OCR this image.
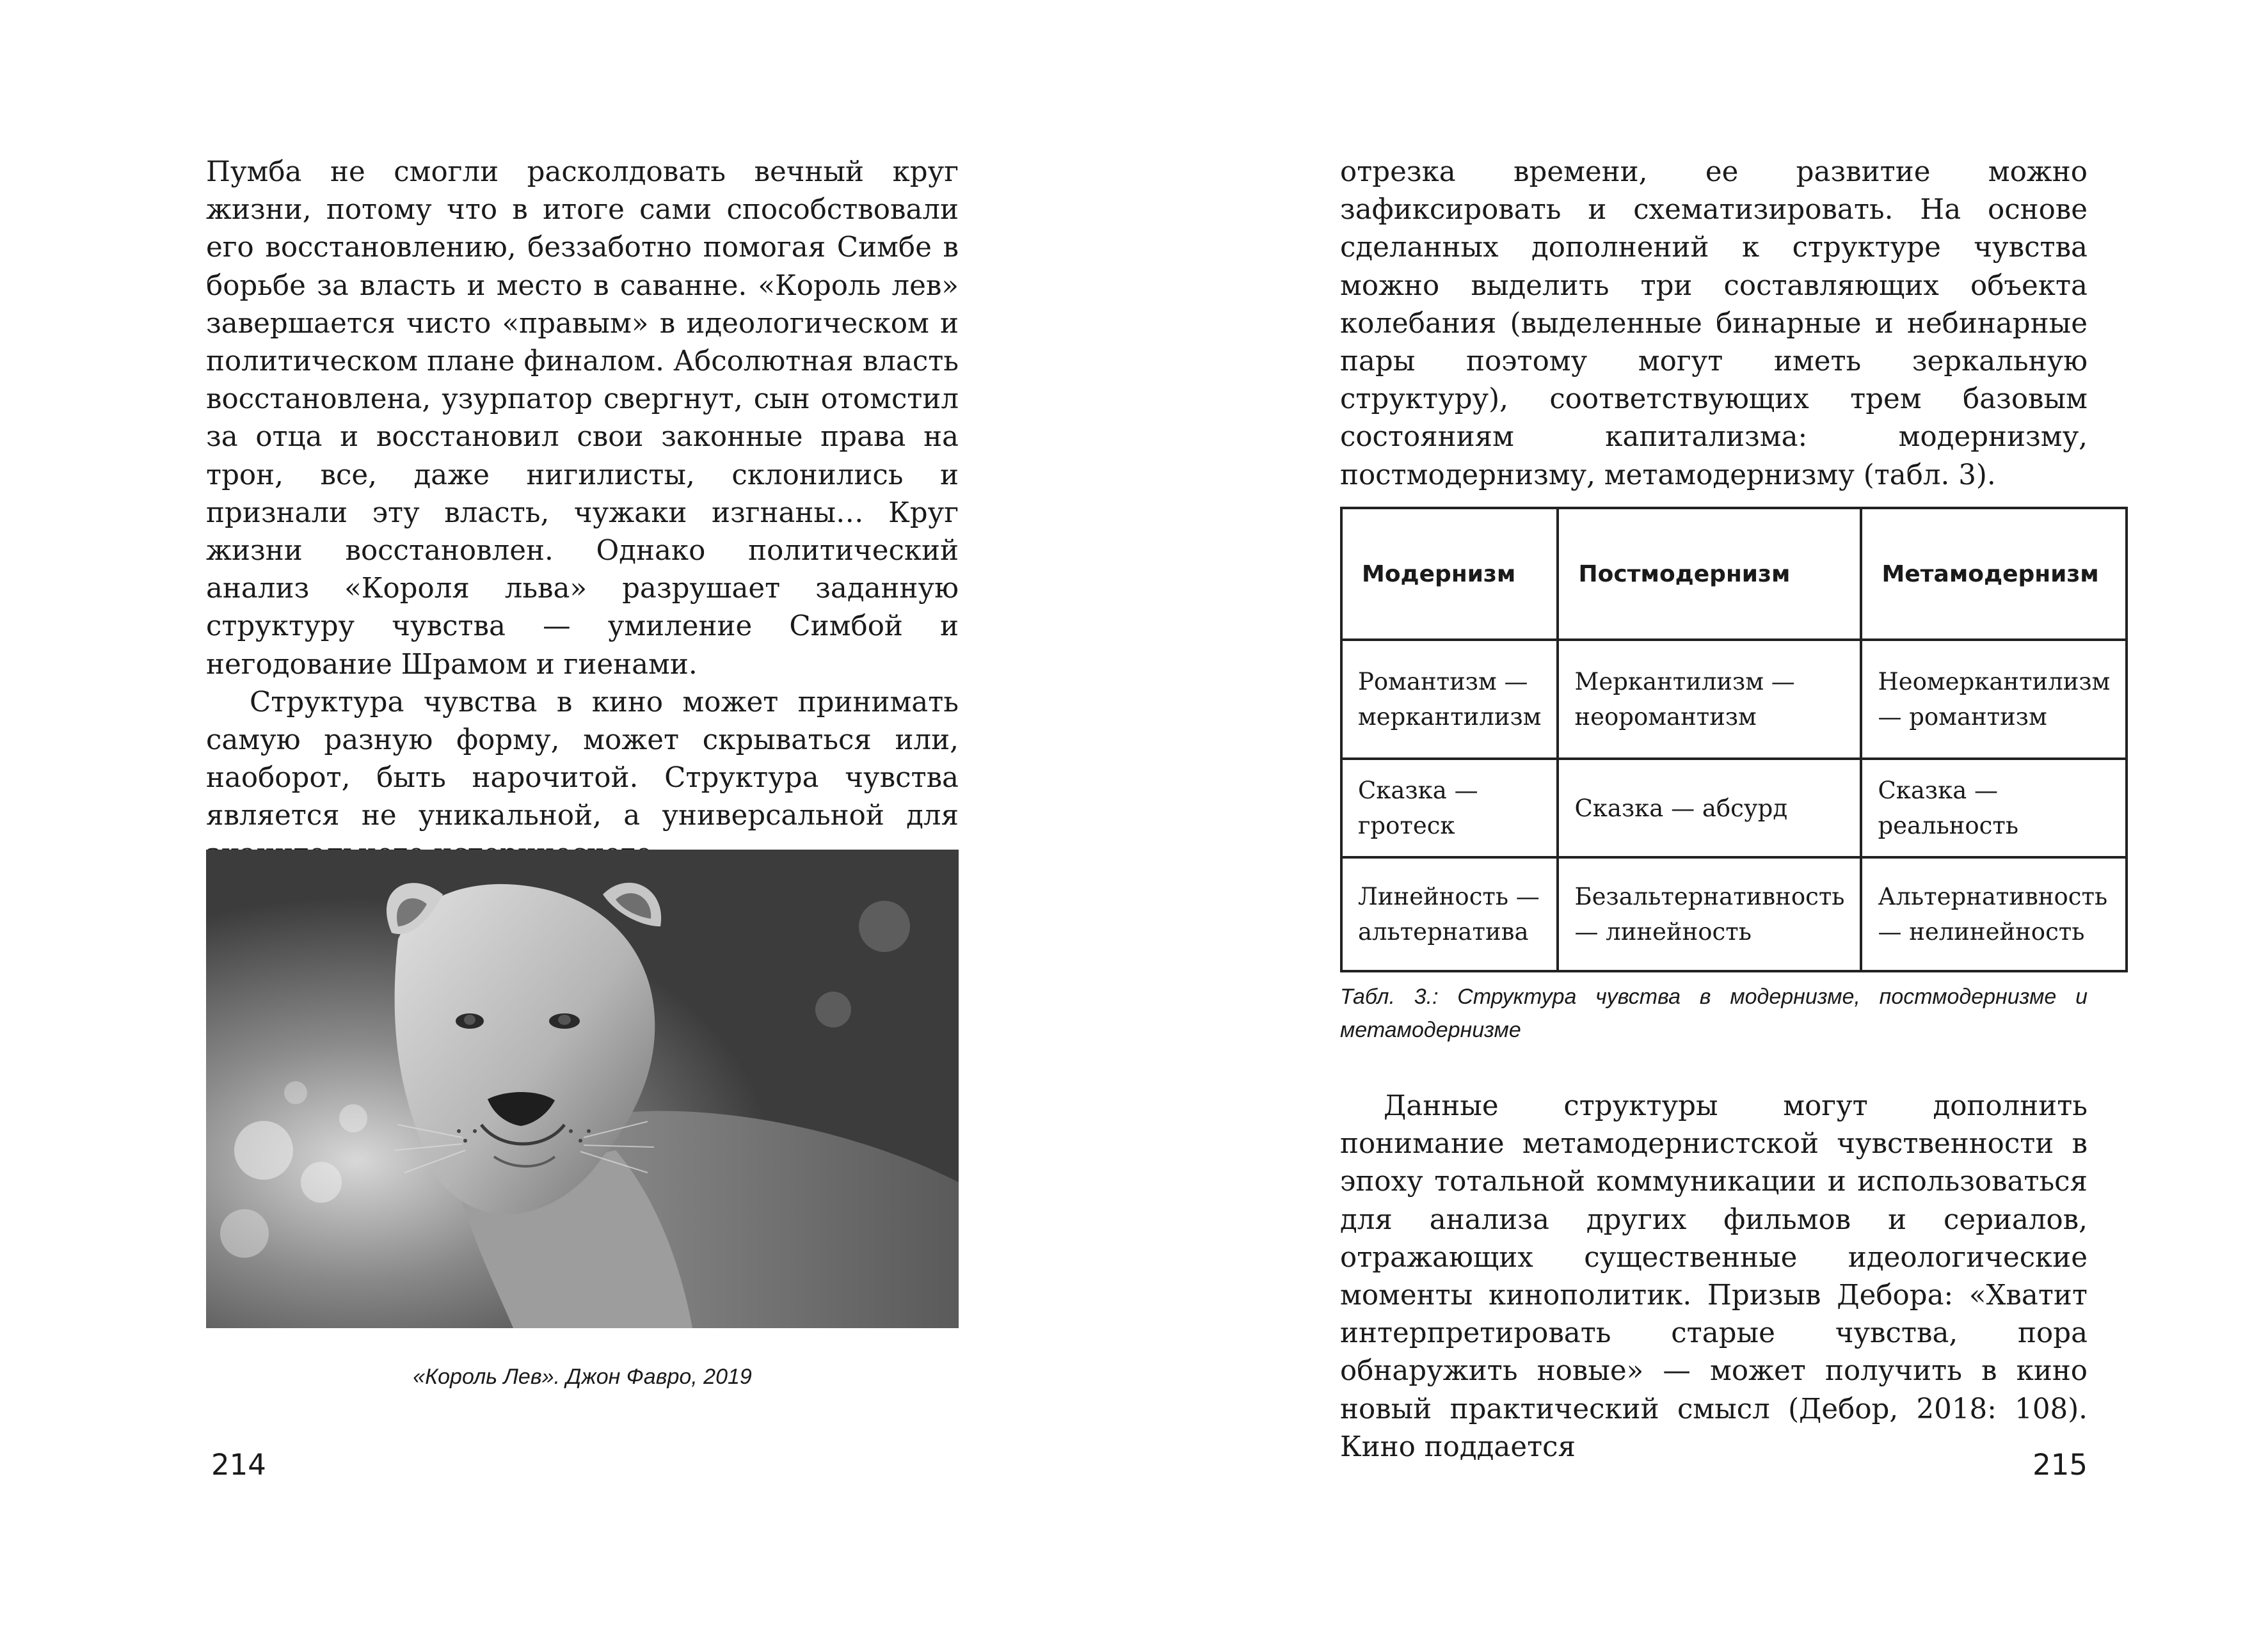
Пумба не смогли расколдовать вечный круг жизни, потому что в итоге сами способствовали его восстановлению, беззаботно помогая Симбе в борьбе за власть и место в саванне. «Король лев» завершается чисто «правым» в идеологическом и политическом плане финалом. Абсолютная власть восстановлена, узурпатор свергнут, сын отомстил за отца и восстановил свои законные права на трон, все, даже нигилисты, склонились и признали эту власть, чужаки изгнаны… Круг жизни восстановлен. Однако политический анализ «Короля льва» разрушает заданную структуру чувства — умиление Симбой и негодование Шрамом и гиенами.

Структура чувства в кино может принимать самую разную форму, может скрываться или, наоборот, быть нарочитой. Структура чувства является не уникальной, а универсальной для

«Король Лев». Джон Фавро, 2019
214

отрезка времени, ее развитие можно зафиксировать и схематизировать. На основе сделанных дополнений к структуре чувства можно выделить три составляющих объекта колебания (выделенные бинарные и небинарные пары поэтому могут иметь зеркальную структуру), соответствующих трем базовым состояниям капитализма: модернизму, постмодернизму, метамодернизму (табл. 3).

Модернизм	Постмодернизм	Метамодернизм
Романтизм — меркантилизм	Меркантилизм — неоромантизм	Неомеркантилизм — романтизм
Сказка — гротеск	Сказка — абсурд	Сказка — реальность
Линейность — альтернатива	Безальтернативность — линейность	Альтернативность — нелинейность
Табл. 3.: Структура чувства в модернизме, постмодернизме и метамодернизме

Данные структуры могут дополнить понимание метамодернистской чувственности в эпоху тотальной коммуникации и использоваться для анализа других фильмов и сериалов, отражающих существенные идеологические моменты кинополитик. Призыв Дебора: «Хватит интерпретировать старые чувства, пора обнаружить новые» — может получить в кино новый практический смысл (Дебор, 2018: 108). Кино поддается

215
